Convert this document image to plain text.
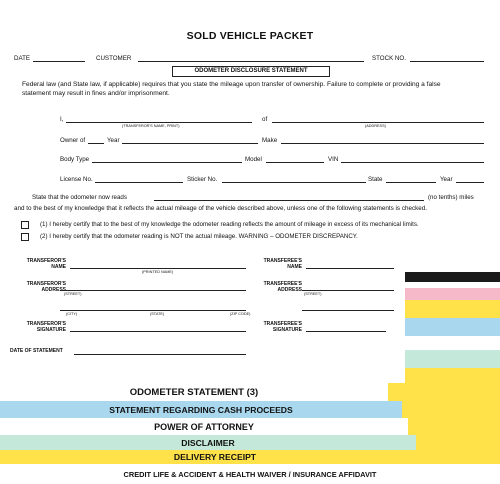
SOLD VEHICLE PACKET
DATE	CUSTOMER	STOCK NO.
ODOMETER DISCLOSURE STATEMENT
Federal law (and State law, if applicable) requires that you state the mileage upon transfer of ownership. Failure to complete or providing a false
statement may result in fines and/or imprisonment.
I,
(TRANSFEROR'S NAME, PRINT)
of
(ADDRESS)
Owner of	Year	Make
Body Type	Model	VIN
License No.	Sticker No.	State	Year
State that the odometer now reads	(no tenths) miles
and to the best of my knowledge that it reflects the actual mileage of the vehicle described above, unless one of the following statements is checked.
(1) I hereby certify that to the best of my knowledge the odometer reading reflects the amount of mileage in excess of its mechanical limits.
(2) I hereby certify that the odometer reading is NOT the actual mileage. WARNING – ODOMETER DISCREPANCY.
TRANSFEROR'S
NAME
(PRINTED NAME)
TRANSFEREE'S
NAME
TRANSFEROR'S
ADDRESS
(STREET)
TRANSFEREE'S
ADDRESS
(STREET)
(CITY)	(STATE)	(ZIP CODE)
TRANSFEROR'S
SIGNATURE
TRANSFEREE'S
SIGNATURE
DATE OF STATEMENT
ODOMETER STATEMENT (3)
STATEMENT REGARDING CASH PROCEEDS
POWER OF ATTORNEY
DISCLAIMER
DELIVERY RECEIPT
CREDIT LIFE & ACCIDENT & HEALTH WAIVER / INSURANCE AFFIDAVIT
